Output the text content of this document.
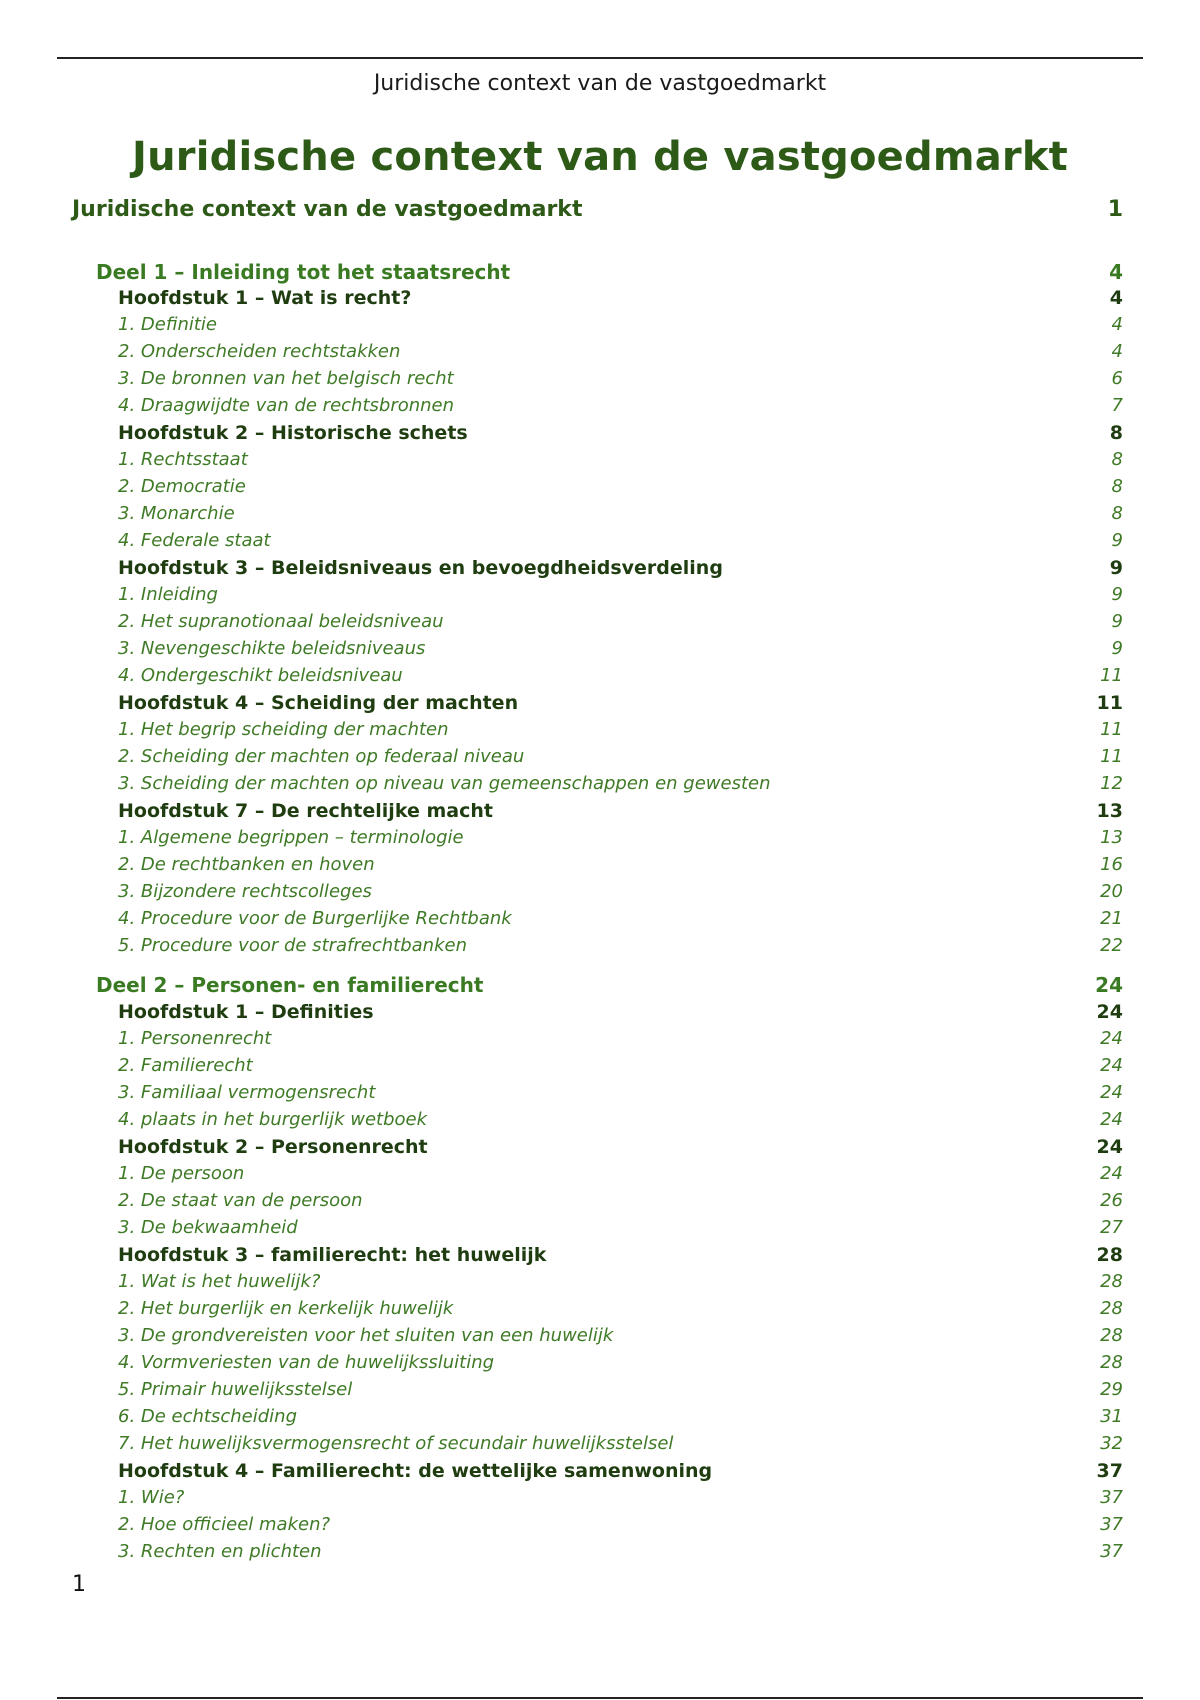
Juridische context van de vastgoedmarkt
Juridische context van de vastgoedmarkt
Juridische context van de vastgoedmarkt	1
Deel 1 – Inleiding tot het staatsrecht	4
Hoofdstuk 1 – Wat is recht?	4
1. Definitie	4
2. Onderscheiden rechtstakken	4
3. De bronnen van het belgisch recht	6
4. Draagwijdte van de rechtsbronnen	7
Hoofdstuk 2 – Historische schets	8
1. Rechtsstaat	8
2. Democratie	8
3. Monarchie	8
4. Federale staat	9
Hoofdstuk 3 – Beleidsniveaus en bevoegdheidsverdeling	9
1. Inleiding	9
2. Het supranotionaal beleidsniveau	9
3. Nevengeschikte beleidsniveaus	9
4. Ondergeschikt beleidsniveau	11
Hoofdstuk 4 – Scheiding der machten	11
1. Het begrip scheiding der machten	11
2. Scheiding der machten op federaal niveau	11
3. Scheiding der machten op niveau van gemeenschappen en gewesten	12
Hoofdstuk 7 – De rechtelijke macht	13
1. Algemene begrippen – terminologie	13
2. De rechtbanken en hoven	16
3. Bijzondere rechtscolleges	20
4. Procedure voor de Burgerlijke Rechtbank	21
5. Procedure voor de strafrechtbanken	22
Deel 2 – Personen- en familierecht	24
Hoofdstuk 1 – Definities	24
1. Personenrecht	24
2. Familierecht	24
3. Familiaal vermogensrecht	24
4. plaats in het burgerlijk wetboek	24
Hoofdstuk 2 – Personenrecht	24
1. De persoon	24
2. De staat van de persoon	26
3. De bekwaamheid	27
Hoofdstuk 3 – familierecht: het huwelijk	28
1. Wat is het huwelijk?	28
2. Het burgerlijk en kerkelijk huwelijk	28
3. De grondvereisten voor het sluiten van een huwelijk	28
4. Vormveriesten van de huwelijkssluiting	28
5. Primair huwelijksstelsel	29
6. De echtscheiding	31
7. Het huwelijksvermogensrecht of secundair huwelijksstelsel	32
Hoofdstuk 4 – Familierecht: de wettelijke samenwoning	37
1. Wie?	37
2. Hoe officieel maken?	37
3. Rechten en plichten	37
1
